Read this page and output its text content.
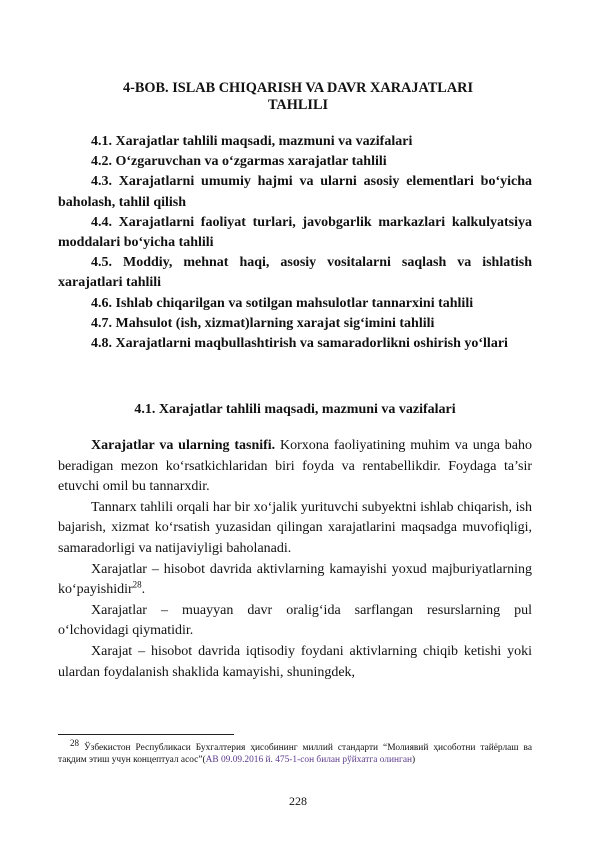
4-BOB. ISLAB CHIQARISH VA DAVR XARAJATLARI
TAHLILI
4.1. Xarajatlar tahlili maqsadi, mazmuni va vazifalari
4.2. O‘zgaruvchan va o‘zgarmas xarajatlar tahlili
4.3. Xarajatlarni umumiy hajmi va ularni asosiy elementlari bo‘yicha baholash, tahlil qilish
4.4. Xarajatlarni faoliyat turlari, javobgarlik markazlari kalkulyatsiya moddalari bo‘yicha tahlili
4.5. Moddiy, mehnat haqi, asosiy vositalarni saqlash va ishlatish xarajatlari tahlili
4.6. Ishlab chiqarilgan va sotilgan mahsulotlar tannarxini tahlili
4.7. Mahsulot (ish, xizmat)larning xarajat sig‘imini tahlili
4.8. Xarajatlarni maqbullashtirish va samaradorlikni oshirish yo‘llari
4.1. Xarajatlar tahlili maqsadi, mazmuni va vazifalari

Xarajatlar va ularning tasnifi. Korxona faoliyatining muhim va unga baho beradigan mezon ko‘rsatkichlaridan biri foyda va rentabellikdir. Foydaga ta’sir etuvchi omil bu tannarxdir.

Tannarx tahlili orqali har bir xo‘jalik yurituvchi subyektni ishlab chiqarish, ish bajarish, xizmat ko‘rsatish yuzasidan qilingan xarajatlarini maqsadga muvofiqligi, samaradorligi va natijaviyligi baholanadi.

Xarajatlar – hisobot davrida aktivlarning kamayishi yoxud majburiyatlarning ko‘payishidir$^{28}$.

Xarajatlar – muayyan davr oralig‘ida sarflangan resurslarning pul o‘lchovidagi qiymatidir.

Xarajat – hisobot davrida iqtisodiy foydani aktivlarning chiqib ketishi yoki ulardan foydalanish shaklida kamayishi, shuningdek,

$^{28}$ Ўзбекистон Республикаси Бухгалтерия ҳисобининг миллий стандарти “Молиявий ҳисоботни тайёрлаш ва тақдим этиш учун концептуал асос”(АВ 09.09.2016 й. 475-1-сон билан рўйхатга олинган)
228
